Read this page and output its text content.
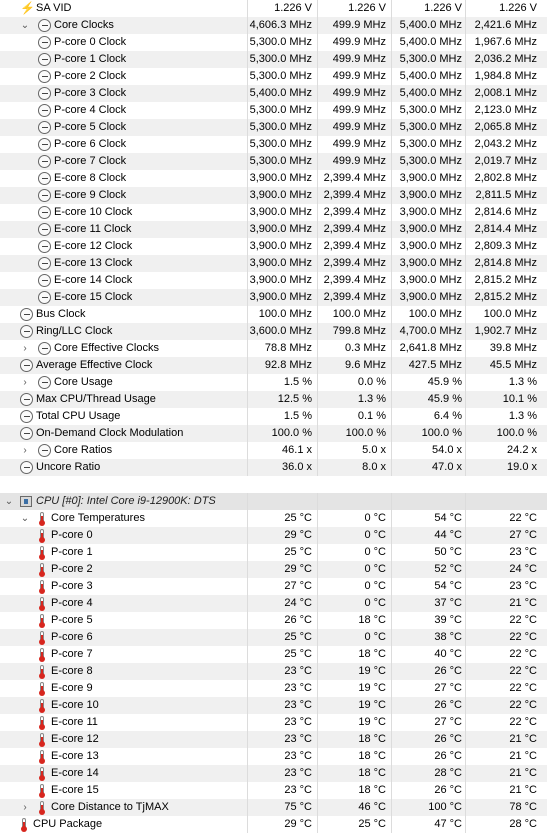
⚡ SA VID	1.226 V	1.226 V	1.226 V	1.226 V
⌄ Core Clocks	4,606.3 MHz	499.9 MHz	5,400.0 MHz	2,421.6 MHz
P-core 0 Clock	5,300.0 MHz	499.9 MHz	5,400.0 MHz	1,967.6 MHz
P-core 1 Clock	5,300.0 MHz	499.9 MHz	5,300.0 MHz	2,036.2 MHz
P-core 2 Clock	5,300.0 MHz	499.9 MHz	5,400.0 MHz	1,984.8 MHz
P-core 3 Clock	5,400.0 MHz	499.9 MHz	5,400.0 MHz	2,008.1 MHz
P-core 4 Clock	5,300.0 MHz	499.9 MHz	5,300.0 MHz	2,123.0 MHz
P-core 5 Clock	5,300.0 MHz	499.9 MHz	5,300.0 MHz	2,065.8 MHz
P-core 6 Clock	5,300.0 MHz	499.9 MHz	5,300.0 MHz	2,043.2 MHz
P-core 7 Clock	5,300.0 MHz	499.9 MHz	5,300.0 MHz	2,019.7 MHz
E-core 8 Clock	3,900.0 MHz	2,399.4 MHz	3,900.0 MHz	2,802.8 MHz
E-core 9 Clock	3,900.0 MHz	2,399.4 MHz	3,900.0 MHz	2,811.5 MHz
E-core 10 Clock	3,900.0 MHz	2,399.4 MHz	3,900.0 MHz	2,814.6 MHz
E-core 11 Clock	3,900.0 MHz	2,399.4 MHz	3,900.0 MHz	2,814.4 MHz
E-core 12 Clock	3,900.0 MHz	2,399.4 MHz	3,900.0 MHz	2,809.3 MHz
E-core 13 Clock	3,900.0 MHz	2,399.4 MHz	3,900.0 MHz	2,814.8 MHz
E-core 14 Clock	3,900.0 MHz	2,399.4 MHz	3,900.0 MHz	2,815.2 MHz
E-core 15 Clock	3,900.0 MHz	2,399.4 MHz	3,900.0 MHz	2,815.2 MHz
Bus Clock	100.0 MHz	100.0 MHz	100.0 MHz	100.0 MHz
Ring/LLC Clock	3,600.0 MHz	799.8 MHz	4,700.0 MHz	1,902.7 MHz
›	Core Effective Clocks	78.8 MHz	0.3 MHz	2,641.8 MHz	39.8 MHz
Average Effective Clock	92.8 MHz	9.6 MHz	427.5 MHz	45.5 MHz
›	Core Usage	1.5 %	0.0 %	45.9 %	1.3 %
Max CPU/Thread Usage	12.5 %	1.3 %	45.9 %	10.1 %
Total CPU Usage	1.5 %	0.1 %	6.4 %	1.3 %
On-Demand Clock Modulation	100.0 %	100.0 %	100.0 %	100.0 %
›	Core Ratios	46.1 x	5.0 x	54.0 x	24.2 x
Uncore Ratio	36.0 x	8.0 x	47.0 x	19.0 x
⌄ CPU [#0]: Intel Core i9-12900K: DTS
⌄ Core Temperatures	25 °C	0 °C	54 °C	22 °C
P-core 0	29 °C	0 °C	44 °C	27 °C
P-core 1	25 °C	0 °C	50 °C	23 °C
P-core 2	29 °C	0 °C	52 °C	24 °C
P-core 3	27 °C	0 °C	54 °C	23 °C
P-core 4	24 °C	0 °C	37 °C	21 °C
P-core 5	26 °C	18 °C	39 °C	22 °C
P-core 6	25 °C	0 °C	38 °C	22 °C
P-core 7	25 °C	18 °C	40 °C	22 °C
E-core 8	23 °C	19 °C	26 °C	22 °C
E-core 9	23 °C	19 °C	27 °C	22 °C
E-core 10	23 °C	19 °C	26 °C	22 °C
E-core 11	23 °C	19 °C	27 °C	22 °C
E-core 12	23 °C	18 °C	26 °C	21 °C
E-core 13	23 °C	18 °C	26 °C	21 °C
E-core 14	23 °C	18 °C	28 °C	21 °C
E-core 15	23 °C	18 °C	26 °C	21 °C
›	Core Distance to TjMAX	75 °C	46 °C	100 °C	78 °C
CPU Package	29 °C	25 °C	47 °C	28 °C
